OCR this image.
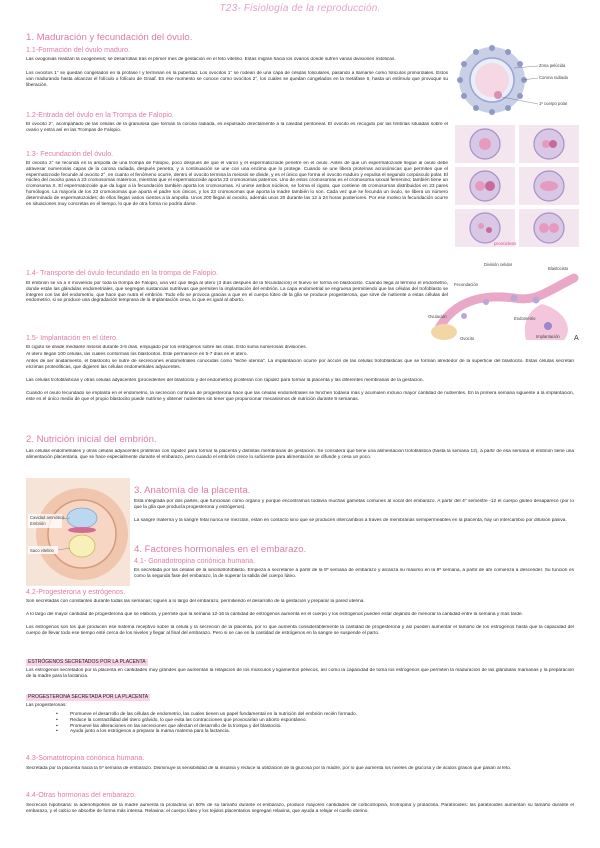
T23- Fisiología de la reproducción.
1. Maduración y fecundación del óvulo.
1.1-Formación del óvulo maduro.
Las ovogonias realizan la ovogénesis; se desarrollan tras el primer mes de gestación en el feto vitelino. Estas migran hacia los ovarios donde sufren varias divisiones mitóticas.
Los ovocitos 1° se quedan congelados en la profase I y terminan en la pubertad. Los ovocitos 1° se rodean de una capa de células foliculares, pasando a llamarse como folículos primordiales. Estos van madurando hasta alcanzar el folículo o folículo de Graaf. En ese momento se conoce como ovocitos 2°, los cuales se quedan congelados en la metafase II, hasta un estímulo que provoque su liberación.
1.2-Entrada del óvulo en la Trompa de Falopio.
El ovocito 2°, acompañado de las células de la granulosa que forman la corona radiada, es expulsado directamente a la cavidad peritoneal. El ovocito es recogido por las fimbrias situadas sobre el ovario y entra así en las Trompas de Falopio.
1.3- Fecundación del óvulo.
El ovocito 2° se fecunda en la ampolla de una trompa de Falopio, poco después de que el varón y el espermatozoide penetre en el óvulo. Antes de que un espermatozoide llegue al óvulo debe atravesar numerosas capas de la corona radiada, después penetra, y a continuación se une con una enzima que lo protege. Cuando se une libera proteínas acrosómicas que permiten que el espermatozoide fecunde al ovocito 2°, en cuanto el fenómeno ocurre, dentro el ovocito termina la meiosis se divide, y es el único que forma el ovocito maduro y expulsa el segundo corpúsculo polar. El núcleo del ovocito pasa a 23 cromosomas maternos, mientras que el espermatozoide aporta 23 cromosomas paternos. Uno de estos cromosomas es el cromosoma sexual femenino; también tiene un cromosoma X. El espermatozoide que da lugar a la fecundación también aporta los cromosomas. Al unirse ambos núcleos, se forma el cigoto, que contiene 46 cromosomas distribuidos en 23 pares homólogos. La mayoría de los 23 cromosomas que aporta el padre son únicos, y los 23 cromosomas que aporta la madre también lo son. Cada vez que se fecunda un óvulo, se libera un número determinado de espermatozoides; de ellos llegan varios cientos a la ampolla. Unos 200 llegan al ovocito, además unos 20 durante las 12 a 24 horas posteriores. Por ese motivo la fecundación ocurre en situaciones muy concretas en el tiempo, lo que de otra forma no podría darse.
1.4- Transporte del óvulo fecundado en la trompa de Falopio.
El embrión se va a ir moviendo por toda la trompa de Falopio, una vez que llega al útero (3 días después de la fecundación) el huevo se forma en blastocisto. Cuando llega al término el endometrio, donde están las glándulas endometriales, que segregan sustancias nutritivas que permiten la implantación del embrión. La capa endometrial se engruesa permitiendo que las células del trofoblasto se integren con las del endometrio, que hace que nutra el embrión. Todo ello se provoca gracias a que en el cuerpo lúteo de la glía se produce progesterona, que sirve de nutriente a estas células del endometrio, si se produce una degradación temprana de la implantación cesa, lo que es igual al aborto.
1.5- Implantación en el útero.
El cigoto se divide mediante mitosis durante 3-5 días, empujado por los estrógenos sobre las cilias. Esto suma numerosas divisiones.
Al útero llegan 100 células, las cuales conforman los blastocitos. Este permanece en 5-7 días en el útero.
Antes de ser anidamiento, el blastocito se nutre de secreciones endometriales conocidas como “leche uterina”. La implantación ocurre por acción de las células trofoblásticas que se forman alrededor de la superficie del blastocito. Estas células secretan enzimas proteolíticas, que digieren las células endometriales adyacentes.
Las células trofoblásticas y otras células adyacentes (procedentes del blastocito y del endometrio) proliferan con rapidez para formar la placenta y las diferentes membranas de la gestación.
Cuando el óvulo fecundado se implanta en el endometrio, la secreción continua de progesterona hace que las células endometriales se hinchen todavía más y acumulen incluso mayor cantidad de nutrientes. En la primera semana siguiente a la implantación, este es el único medio de que el propio blastocito puede nutrirse y obtener nutrientes sin tener que proporcionar mecanismos de nutrición durante 8 semanas.
2. Nutrición inicial del embrión.
Las células endometriales y otras células adyacentes proliferan con rapidez para formar la placenta y distintas membranas de gestación. Se considera que tiene una alimentación trofoblástica (hasta la semana 12), a partir de esa semana el embrión tiene una alimentación placentaria, que se hace especialmente durante el embarazo, pero cuando el embrión crece lo suficiente para alimentación se difunde y cesa un poco.
3. Anatomía de la placenta.
Está integrada por dos partes, que funcionan como órgano y porque encontramos todavía muchas gametas comunes al vocal del embarazo. A partir del 4º semestre -12 el cuerpo glúteo desaparece (por lo que la glía que producía progesterona y estrógenos).
La sangre materna y la sangre fetal nunca se mezclan, están en contacto sino que se producen intercambios a través de membranas semipermeables en la placenta, hay un intercambio por difusión pasiva.
4. Factores hormonales en el embarazo.
4.1- Gonadotropina coriónica humana.
Es secretada por las células de la sincitiotrofoblasto. Empieza a secretarse a partir de la 8ª semana de embarazo y alcanza su máximo en la 8ª semana, a partir de ahí comienza a descender. Su función es como la segunda fase del embarazo, la de superar la salida del cuerpo lúteo.
4.2-Progesterona y estrógenos.
Son secretadas con constantes durante todas las semanas; siguen a lo largo del embarazo, permitiendo el desarrollo de la gestación y preparar la pared uterina.
A lo largo del mayor cantidad de progesterona que se elabora, y permite que la semana 12-16 la cantidad de estrógenos aumenta en el cuerpo y los estrógenos pueden estar dejando de menorar la cantidad entre la semana y más tarde.
Los estrógenos son los que producen ese sistema receptivo sobre la célula y la secreción de la placenta, por lo que aumenta considerablemente la cantidad de progesterona y así pueden aumentar el tamaño de los estrógenos hasta que la capacidad del cuerpo de llevar todo ese tiempo esté cerca de los niveles y llegar al final del embarazo. Pero si se cae en la cantidad de estrógenos en la sangre se suspende el parto.
ESTRÓGENOS SECRETADOS POR LA PLACENTA
Los estrógenos secretados por la placenta en cantidades muy grandes que aumentan la relajación de los músculos y ligamentos pélvicos, así como la capacidad de toma los estrógenos que permiten la maduración de las glándulas mamarias y la preparación de la madre para la lactancia.
PROGESTERONA SECRETADA POR LA PLACENTA
Las progesteronas:
▪ Promueve el desarrollo de las células de endometrio, las cuales tienen un papel fundamental en la nutrición del embrión recién formado.
▪ Reduce la contractilidad del útero grávido, lo que evita las contracciones que provocarían un aborto espontáneo.
▪ Promueve las alteraciones en las secreciones que afectan el desarrollo de la trompa y del blastocito.
▪ Ayuda junto a los estrógenos a preparar la mama materna para la lactancia.
4.3-Somatotropina coriónica humana.
Secretada por la placenta hacia la 5ª semana de embarazo. Disminuye la sensibilidad de la insulina y reduce la utilización de la glucosa por la madre, por lo que aumenta los niveles de glucosa y de ácidos grasos que pasan al feto.
4.4-Otras hormonas del embarazo.
Secreción hipofisaria: la adenohipófisis de la madre aumenta la prolactina un 50% de su tamaño durante el embarazo, produce mayores cantidades de corticotropina, tirotropina y prolactina. Paratiroides: las paratiroides aumentan su tamaño durante el embarazo, y el calcio se absorbe de forma más intensa. Relaxina: el cuerpo lúteo y los tejidos placentarios segregan relaxina, que ayuda a relajar el cuello uterino.
Zona pelúcida
Corona radiada
1º cuerpo polar
pronúcleos
División celular
Blastocisto
Fecundación
Ovulación
Ovocito
Endometrio
Implantación A
Cavidad amniótica
Embrión
Saco vitelino
